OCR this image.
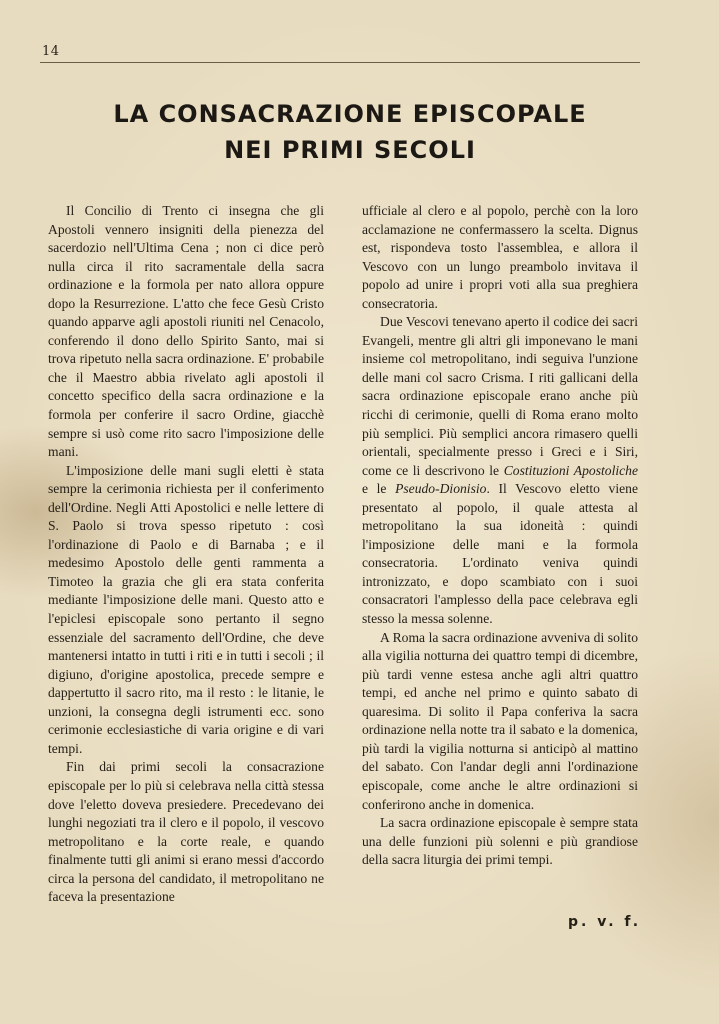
14
LA CONSACRAZIONE EPISCOPALE
NEI PRIMI SECOLI

Il Concilio di Trento ci insegna che gli Apostoli vennero insigniti della pienezza del sacerdozio nell'Ultima Cena ; non ci dice però nulla circa il rito sacramentale della sacra ordinazione e la formola per nato allora oppure dopo la Resurrezione. L'atto che fece Gesù Cristo quando apparve agli apostoli riuniti nel Cenacolo, conferendo il dono dello Spirito Santo, mai si trova ripetuto nella sacra ordinazione. E' probabile che il Maestro abbia rivelato agli apostoli il concetto specifico della sacra ordinazione e la formola per conferire il sacro Ordine, giacchè sempre si usò come rito sacro l'imposizione delle mani.

L'imposizione delle mani sugli eletti è stata sempre la cerimonia richiesta per il conferimento dell'Ordine. Negli Atti Apostolici e nelle lettere di S. Paolo si trova spesso ripetuto : così l'ordinazione di Paolo e di Barnaba ; e il medesimo Apostolo delle genti rammenta a Timoteo la grazia che gli era stata conferita mediante l'imposizione delle mani. Questo atto e l'epiclesi episcopale sono pertanto il segno essenziale del sacramento dell'Ordine, che deve mantenersi intatto in tutti i riti e in tutti i secoli ; il digiuno, d'origine apostolica, precede sempre e dappertutto il sacro rito, ma il resto : le litanie, le unzioni, la consegna degli istrumenti ecc. sono cerimonie ecclesiastiche di varia origine e di vari tempi.

Fin dai primi secoli la consacrazione episcopale per lo più si celebrava nella città stessa dove l'eletto doveva presiedere. Precedevano dei lunghi negoziati tra il clero e il popolo, il vescovo metropolitano e la corte reale, e quando finalmente tutti gli animi si erano messi d'accordo circa la persona del candidato, il metropolitano ne faceva la presentazione

ufficiale al clero e al popolo, perchè con la loro acclamazione ne confermassero la scelta. Dignus est, rispondeva tosto l'assemblea, e allora il Vescovo con un lungo preambolo invitava il popolo ad unire i propri voti alla sua preghiera consecratoria.

Due Vescovi tenevano aperto il codice dei sacri Evangeli, mentre gli altri gli imponevano le mani insieme col metropolitano, indi seguiva l'unzione delle mani col sacro Crisma. I riti gallicani della sacra ordinazione episcopale erano anche più ricchi di cerimonie, quelli di Roma erano molto più semplici. Più semplici ancora rimasero quelli orientali, specialmente presso i Greci e i Siri, come ce li descrivono le Costituzioni Apostoliche e le Pseudo-Dionisio. Il Vescovo eletto viene presentato al popolo, il quale attesta al metropolitano la sua idoneità : quindi l'imposizione delle mani e la formola consecratoria. L'ordinato veniva quindi intronizzato, e dopo scambiato con i suoi consacratori l'amplesso della pace celebrava egli stesso la messa solenne.

A Roma la sacra ordinazione avveniva di solito alla vigilia notturna dei quattro tempi di dicembre, più tardi venne estesa anche agli altri quattro tempi, ed anche nel primo e quinto sabato di quaresima. Di solito il Papa conferiva la sacra ordinazione nella notte tra il sabato e la domenica, più tardi la vigilia notturna si anticipò al mattino del sabato. Con l'andar degli anni l'ordinazione episcopale, come anche le altre ordinazioni si conferirono anche in domenica.

La sacra ordinazione episcopale è sempre stata una delle funzioni più solenni e più grandiose della sacra liturgia dei primi tempi.

p. v. f.
